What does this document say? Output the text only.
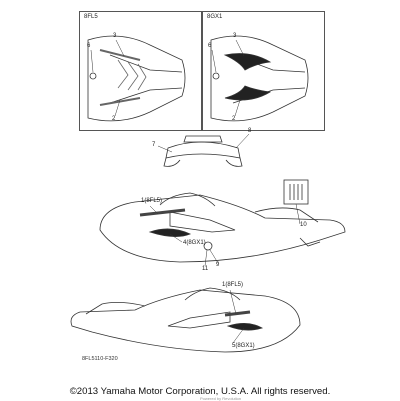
8FL5	8GX1
6
3
2
6
3
2
7
8
1(8FL5)
4(8GX1)
11
9
10
1(8FL5)
5(8GX1)
8FL5110-F320
©2013 Yamaha Motor Corporation, U.S.A. All rights reserved.
Powered by Revolution
